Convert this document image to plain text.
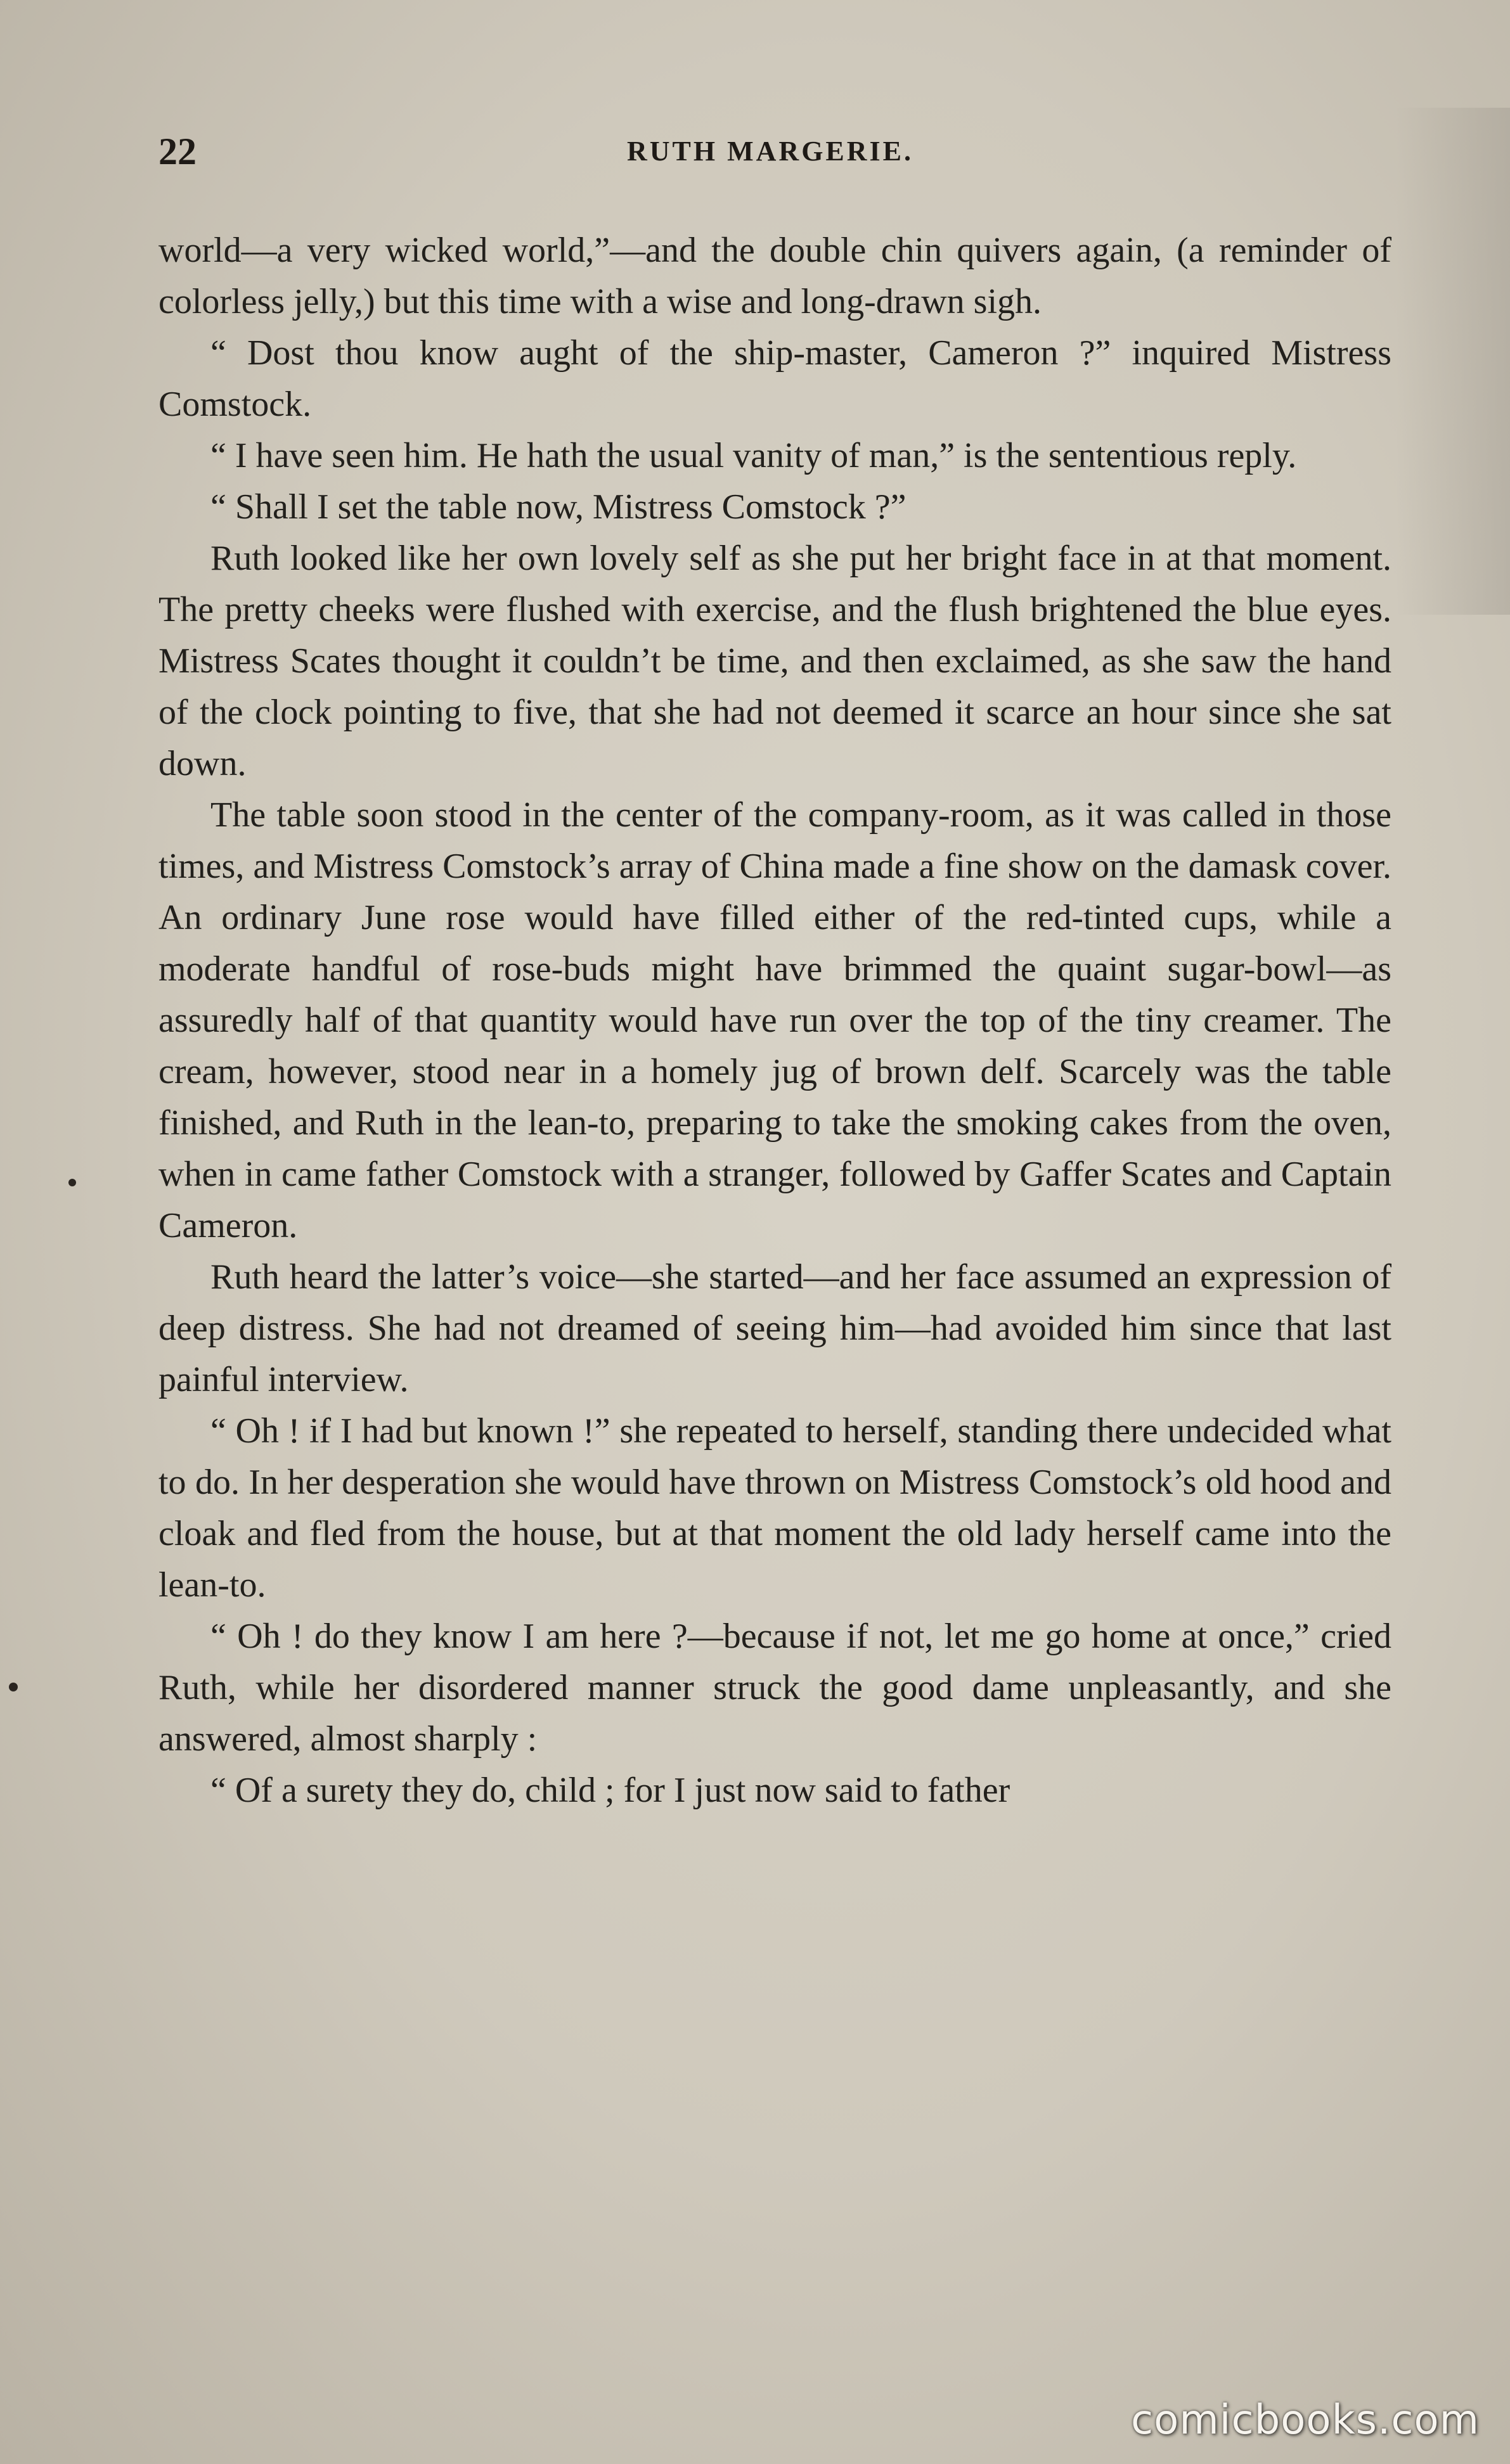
22	RUTH MARGERIE.

world—a very wicked world,”—and the double chin quivers again, (a reminder of colorless jelly,) but this time with a wise and long-drawn sigh.

“ Dost thou know aught of the ship-master, Cameron ?” inquired Mistress Comstock.

“ I have seen him. He hath the usual vanity of man,” is the sententious reply.

“ Shall I set the table now, Mistress Comstock ?”

Ruth looked like her own lovely self as she put her bright face in at that moment. The pretty cheeks were flushed with exercise, and the flush brightened the blue eyes. Mistress Scates thought it couldn’t be time, and then exclaimed, as she saw the hand of the clock pointing to five, that she had not deemed it scarce an hour since she sat down.

The table soon stood in the center of the company-room, as it was called in those times, and Mistress Comstock’s array of China made a fine show on the damask cover. An ordinary June rose would have filled either of the red-tinted cups, while a moderate handful of rose-buds might have brimmed the quaint sugar-bowl—as assuredly half of that quantity would have run over the top of the tiny creamer. The cream, however, stood near in a homely jug of brown delf. Scarcely was the table finished, and Ruth in the lean-to, preparing to take the smoking cakes from the oven, when in came father Comstock with a stranger, followed by Gaffer Scates and Captain Cameron.

Ruth heard the latter’s voice—she started—and her face assumed an expression of deep distress. She had not dreamed of seeing him—had avoided him since that last painful interview.

“ Oh ! if I had but known !” she repeated to herself, standing there undecided what to do. In her desperation she would have thrown on Mistress Comstock’s old hood and cloak and fled from the house, but at that moment the old lady herself came into the lean-to.

“ Oh ! do they know I am here ?—because if not, let me go home at once,” cried Ruth, while her disordered manner struck the good dame unpleasantly, and she answered, almost sharply :

“ Of a surety they do, child ; for I just now said to father

comicbooks.com
